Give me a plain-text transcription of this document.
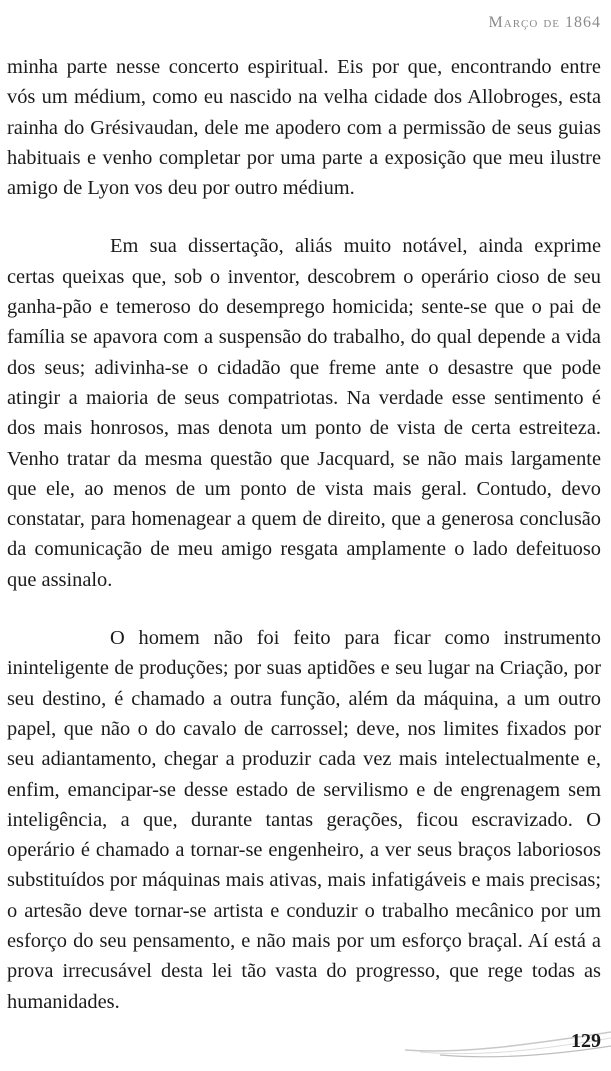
Março de 1864

minha parte nesse concerto espiritual. Eis por que, encontrando entre vós um médium, como eu nascido na velha cidade dos Allobroges, esta rainha do Grésivaudan, dele me apodero com a permissão de seus guias habituais e venho completar por uma parte a exposição que meu ilustre amigo de Lyon vos deu por outro médium.

Em sua dissertação, aliás muito notável, ainda exprime certas queixas que, sob o inventor, descobrem o operário cioso de seu ganha-pão e temeroso do desemprego homicida; sente-se que o pai de família se apavora com a suspensão do trabalho, do qual depende a vida dos seus; adivinha-se o cidadão que freme ante o desastre que pode atingir a maioria de seus compatriotas. Na verdade esse sentimento é dos mais honrosos, mas denota um ponto de vista de certa estreiteza. Venho tratar da mesma questão que Jacquard, se não mais largamente que ele, ao menos de um ponto de vista mais geral. Contudo, devo constatar, para homenagear a quem de direito, que a generosa conclusão da comunicação de meu amigo resgata amplamente o lado defeituoso que assinalo.

O homem não foi feito para ficar como instrumento ininteligente de produções; por suas aptidões e seu lugar na Criação, por seu destino, é chamado a outra função, além da máquina, a um outro papel, que não o do cavalo de carrossel; deve, nos limites fixados por seu adiantamento, chegar a produzir cada vez mais intelectualmente e, enfim, emancipar-se desse estado de servilismo e de engrenagem sem inteligência, a que, durante tantas gerações, ficou escravizado. O operário é chamado a tornar-se engenheiro, a ver seus braços laboriosos substituídos por máquinas mais ativas, mais infatigáveis e mais precisas; o artesão deve tornar-se artista e conduzir o trabalho mecânico por um esforço do seu pensamento, e não mais por um esforço braçal. Aí está a prova irrecusável desta lei tão vasta do progresso, que rege todas as humanidades.

129
